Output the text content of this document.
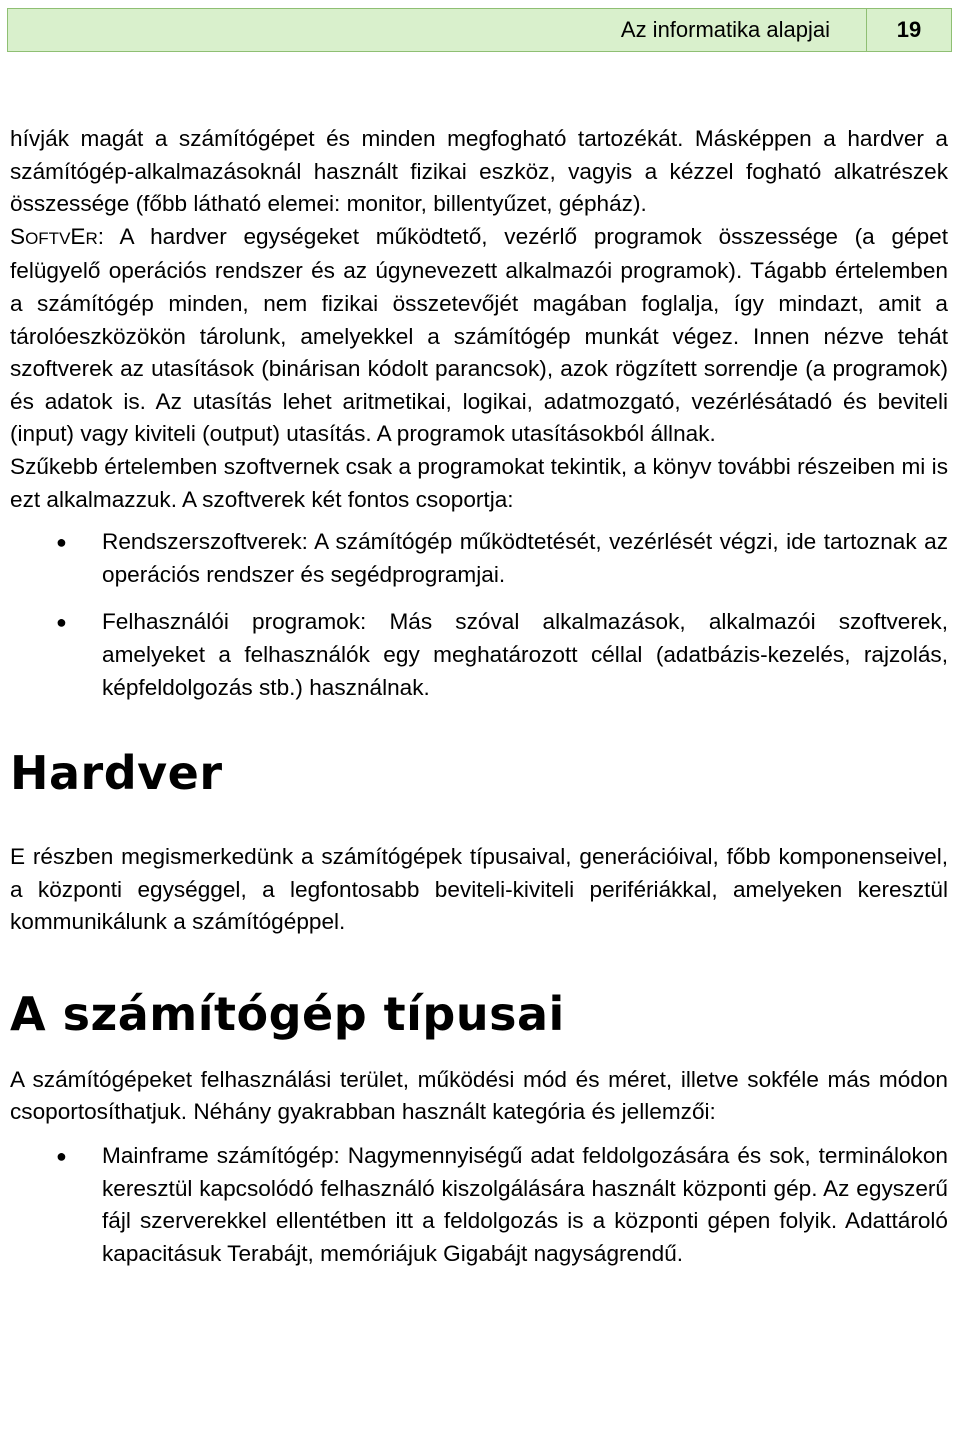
Az informatika alapjai	19

hívják magát a számítógépet és minden megfogható tartozékát. Másképpen a hardver a számítógép-alkalmazásoknál használt fizikai eszköz, vagyis a kézzel fogható alkatrészek összessége (főbb látható elemei: monitor, billentyűzet, gépház).

SOFTVER: A hardver egységeket működtető, vezérlő programok összessége (a gépet felügyelő operációs rendszer és az úgynevezett alkalmazói programok). Tágabb értelemben a számítógép minden, nem fizikai összetevőjét magában foglalja, így mindazt, amit a tárolóeszközökön tárolunk, amelyekkel a számítógép munkát végez. Innen nézve tehát szoftverek az utasítások (binárisan kódolt parancsok), azok rögzített sorrendje (a programok) és adatok is. Az utasítás lehet aritmetikai, logikai, adatmozgató, vezérlésátadó és beviteli (input) vagy kiviteli (output) utasítás. A programok utasításokból állnak.

Szűkebb értelemben szoftvernek csak a programokat tekintik, a könyv további részeiben mi is ezt alkalmazzuk. A szoftverek két fontos csoportja:

● Rendszerszoftverek: A számítógép működtetését, vezérlését végzi, ide tartoznak az operációs rendszer és segédprogramjai.
● Felhasználói programok: Más szóval alkalmazások, alkalmazói szoftverek, amelyeket a felhasználók egy meghatározott céllal (adatbázis-kezelés, rajzolás, képfeldolgozás stb.) használnak.
Hardver

E részben megismerkedünk a számítógépek típusaival, generációival, főbb komponenseivel, a központi egységgel, a legfontosabb beviteli-kiviteli perifériákkal, amelyeken keresztül kommunikálunk a számítógéppel.

A számítógép típusai

A számítógépeket felhasználási terület, működési mód és méret, illetve sokféle más módon csoportosíthatjuk. Néhány gyakrabban használt kategória és jellemzői:

● Mainframe számítógép: Nagymennyiségű adat feldolgozására és sok, terminálokon keresztül kapcsolódó felhasználó kiszolgálására használt központi gép. Az egyszerű fájl szerverekkel ellentétben itt a feldolgozás is a központi gépen folyik. Adattároló kapacitásuk Terabájt, memóriájuk Gigabájt nagyságrendű.
